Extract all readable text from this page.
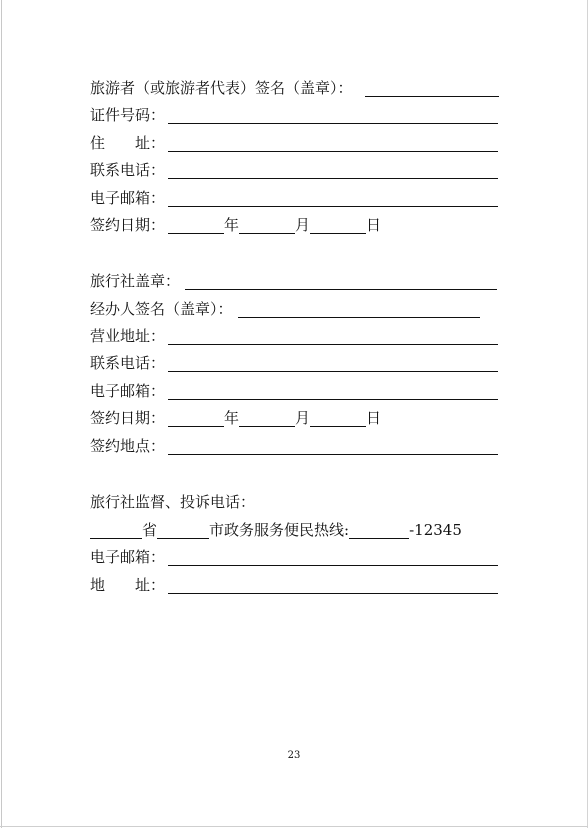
旅游者（或旅游者代表）签名（盖章）：
证件号码：
住　　址：
联系电话：
电子邮箱：
签约日期：	年	月	日
旅行社盖章：
经办人签名（盖章）：
营业地址：
联系电话：
电子邮箱：
签约日期：	年	月	日
签约地点：
旅行社监督、投诉电话：
省	市政务服务便民热线 :	-12345
电子邮箱：
地　　址：
23
